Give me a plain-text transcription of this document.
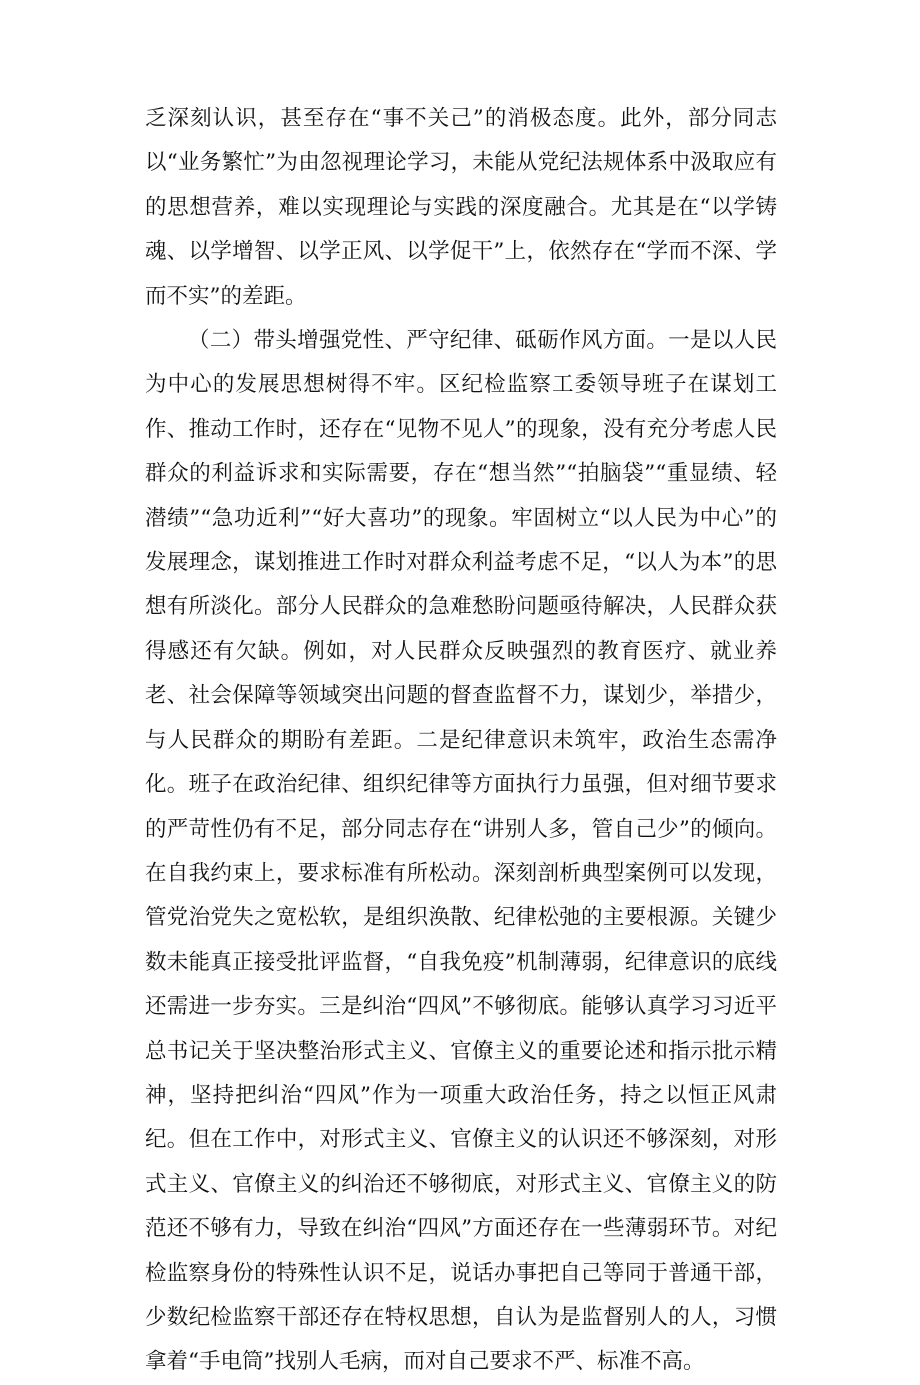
乏深刻认识，甚至存在“事不关己”的消极态度。此外，部分同志以“业务繁忙”为由忽视理论学习，未能从党纪法规体系中汲取应有的思想营养，难以实现理论与实践的深度融合。尤其是在“以学铸魂、以学增智、以学正风、以学促干”上，依然存在“学而不深、学而不实”的差距。

（二）带头增强党性、严守纪律、砥砺作风方面。一是以人民为中心的发展思想树得不牢。区纪检监察工委领导班子在谋划工作、推动工作时，还存在“见物不见人”的现象，没有充分考虑人民群众的利益诉求和实际需要，存在“想当然”“拍脑袋”“重显绩、轻潜绩”“急功近利”“好大喜功”的现象。牢固树立“以人民为中心”的发展理念，谋划推进工作时对群众利益考虑不足，“以人为本”的思想有所淡化。部分人民群众的急难愁盼问题亟待解决，人民群众获得感还有欠缺。例如，对人民群众反映强烈的教育医疗、就业养老、社会保障等领域突出问题的督查监督不力，谋划少，举措少，与人民群众的期盼有差距。二是纪律意识未筑牢，政治生态需净化。班子在政治纪律、组织纪律等方面执行力虽强，但对细节要求的严苛性仍有不足，部分同志存在“讲别人多，管自己少”的倾向。在自我约束上，要求标准有所松动。深刻剖析典型案例可以发现，管党治党失之宽松软，是组织涣散、纪律松弛的主要根源。关键少数未能真正接受批评监督，“自我免疫”机制薄弱，纪律意识的底线还需进一步夯实。三是纠治“四风”不够彻底。能够认真学习习近平总书记关于坚决整治形式主义、官僚主义的重要论述和指示批示精神，坚持把纠治“四风”作为一项重大政治任务，持之以恒正风肃纪。但在工作中，对形式主义、官僚主义的认识还不够深刻，对形式主义、官僚主义的纠治还不够彻底，对形式主义、官僚主义的防范还不够有力，导致在纠治“四风”方面还存在一些薄弱环节。对纪检监察身份的特殊性认识不足，说话办事把自己等同于普通干部，少数纪检监察干部还存在特权思想，自认为是监督别人的人，习惯拿着“手电筒”找别人毛病，而对自己要求不严、标准不高。
